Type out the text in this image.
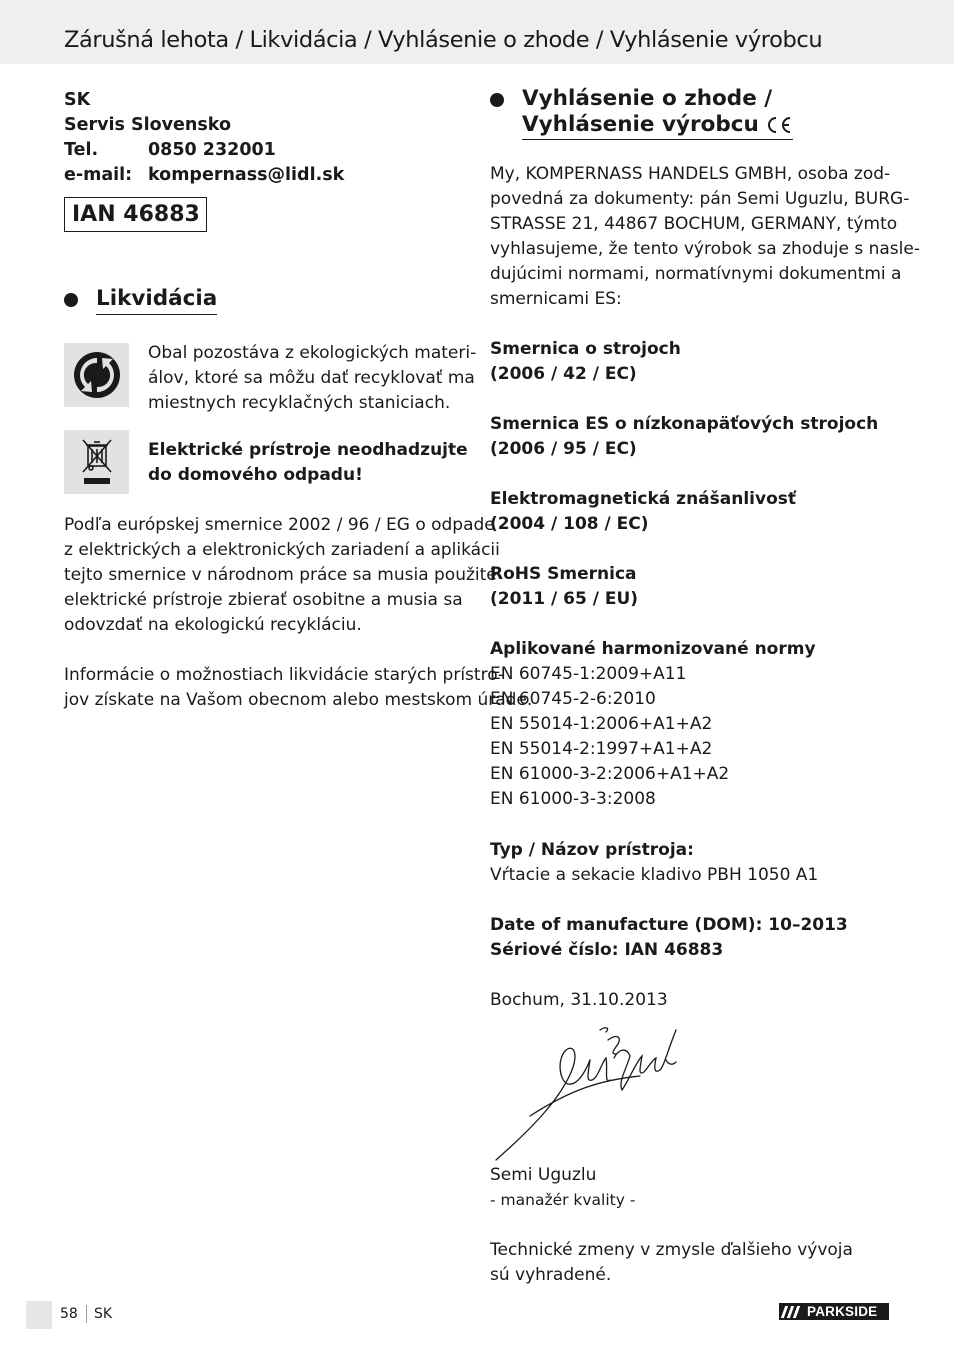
Zárušná lehota / Likvidácia / Vyhlásenie o zhode / Vyhlásenie výrobcu
SK
Servis Slovensko
Tel.	0850 232001
e-mail: kompernass@lidl.sk
IAN 46883
Likvidácia
Obal pozostáva z ekologických materi-
álov, ktoré sa môžu dať recyklovať ma
miestnych recyklačných staniciach.
Elektrické prístroje neodhadzujte
do domového odpadu!
Podľa európskej smernice 2002 / 96 / EG o odpade
z elektrických a elektronických zariadení a aplikácii
tejto smernice v národnom práce sa musia použité
elektrické prístroje zbierať osobitne a musia sa
odovzdať na ekologickú recykláciu.
Informácie o možnostiach likvidácie starých prístro-
jov získate na Vašom obecnom alebo mestskom úrade.
Vyhlásenie o zhode /
Vyhlásenie výrobcu
My, KOMPERNASS HANDELS GMBH, osoba zod-
povedná za dokumenty: pán Semi Uguzlu, BURG-
STRASSE 21, 44867 BOCHUM, GERMANY, týmto
vyhlasujeme, že tento výrobok sa zhoduje s nasle-
dujúcimi normami, normatívnymi dokumentmi a
smernicami ES:
Smernica o strojoch
(2006 / 42 / EC)
Smernica ES o nízkonapäťových strojoch
(2006 / 95 / EC)
Elektromagnetická znášanlivosť
(2004 / 108 / EC)
RoHS Smernica
(2011 / 65 / EU)
Aplikované harmonizované normy
EN 60745-1:2009+A11
EN 60745-2-6:2010
EN 55014-1:2006+A1+A2
EN 55014-2:1997+A1+A2
EN 61000-3-2:2006+A1+A2
EN 61000-3-3:2008
Typ / Názov prístroja:
Vŕtacie a sekacie kladivo PBH 1050 A1
Date of manufacture (DOM): 10–2013
Sériové číslo: IAN 46883
Bochum, 31.10.2013
Semi Uguzlu
- manažér kvality -
Technické zmeny v zmysle ďalšieho vývoja
sú vyhradené.
58 SK	PARKSIDE
